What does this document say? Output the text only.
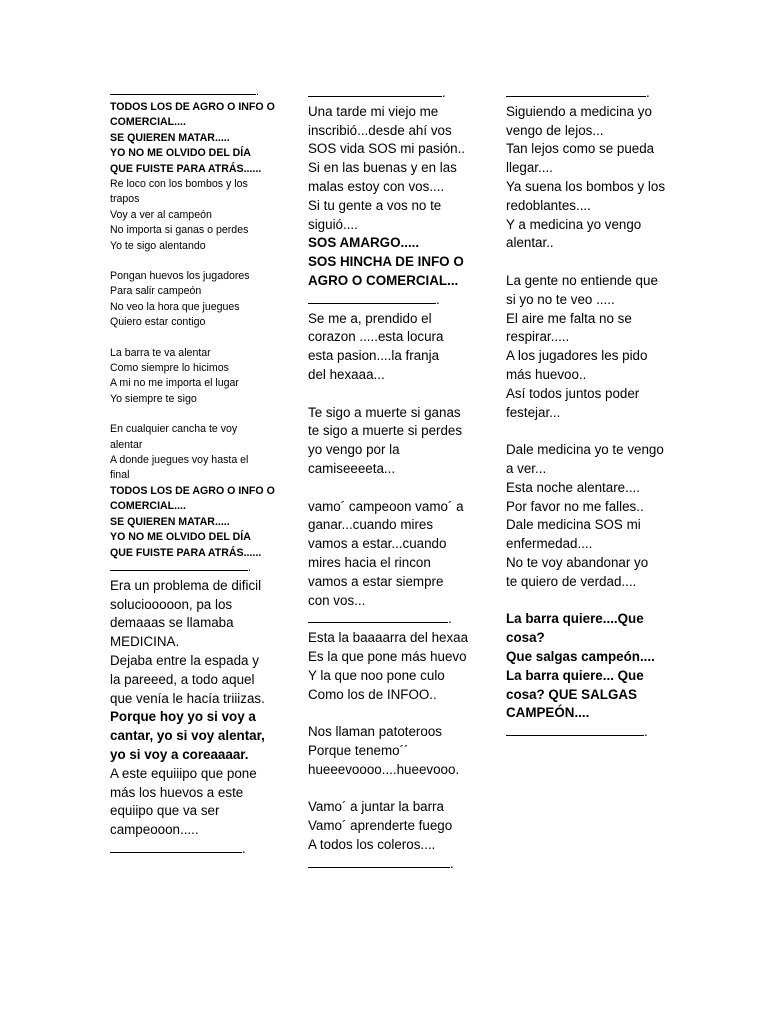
.
TODOS LOS DE AGRO O INFO O
COMERCIAL....
SE QUIEREN MATAR.....
YO NO ME OLVIDO DEL DÍA
QUE FUISTE PARA ATRÁS......
Re loco con los bombos y los
trapos
Voy a ver al campeón
No importa si ganas o perdes
Yo te sigo alentando
Pongan huevos los jugadores
Para salir campeón
No veo la hora que juegues
Quiero estar contigo
La barra te va alentar
Como siempre lo hicimos
A mi no me importa el lugar
Yo siempre te sigo
En cualquier cancha te voy
alentar
A donde juegues voy hasta el
final
TODOS LOS DE AGRO O INFO O
COMERCIAL....
SE QUIEREN MATAR.....
YO NO ME OLVIDO DEL DÍA
QUE FUISTE PARA ATRÁS......
.
Era un problema de dificil
soluciooooon, pa los
demaaas se llamaba
MEDICINA.
Dejaba entre la espada y
la pareeed, a todo aquel
que venía le hacía triiizas.
Porque hoy yo si voy a
cantar, yo si voy alentar,
yo si voy a coreaaaar.
A este equiiipo que pone
más los huevos a este
equiipo que va ser
campeooon.....
.
.
Una tarde mi viejo me
inscribió...desde ahí vos
SOS vida SOS mi pasión..
Si en las buenas y en las
malas estoy con vos....
Si tu gente a vos no te
siguió....
SOS AMARGO.....
SOS HINCHA DE INFO O
AGRO O COMERCIAL...
.
Se me a, prendido el
corazon .....esta locura
esta pasion....la franja
del hexaaa...
Te sigo a muerte si ganas
te sigo a muerte si perdes
yo vengo por la
camiseeeeta...
vamo´ campeoon vamo´ a
ganar...cuando mires
vamos a estar...cuando
mires hacia el rincon
vamos a estar siempre
con vos...
.
Esta la baaaarra del hexaa
Es la que pone más huevo
Y la que noo pone culo
Como los de INFOO..
Nos llaman patoteroos
Porque tenemo´´
hueeevoooo....hueevooo.
Vamo´ a juntar la barra
Vamo´ aprenderte fuego
A todos los coleros....
.
.
Siguiendo a medicina yo
vengo de lejos...
Tan lejos como se pueda
llegar....
Ya suena los bombos y los
redoblantes....
Y a medicina yo vengo
alentar..
La gente no entiende que
si yo no te veo .....
El aire me falta no se
respirar.....
A los jugadores les pido
más huevoo..
Así todos juntos poder
festejar...
Dale medicina yo te vengo
a ver...
Esta noche alentare....
Por favor no me falles..
Dale medicina SOS mi
enfermedad....
No te voy abandonar yo
te quiero de verdad....
La barra quiere....Que
cosa?
Que salgas campeón....
La barra quiere... Que
cosa? QUE SALGAS
CAMPEÓN....
.
